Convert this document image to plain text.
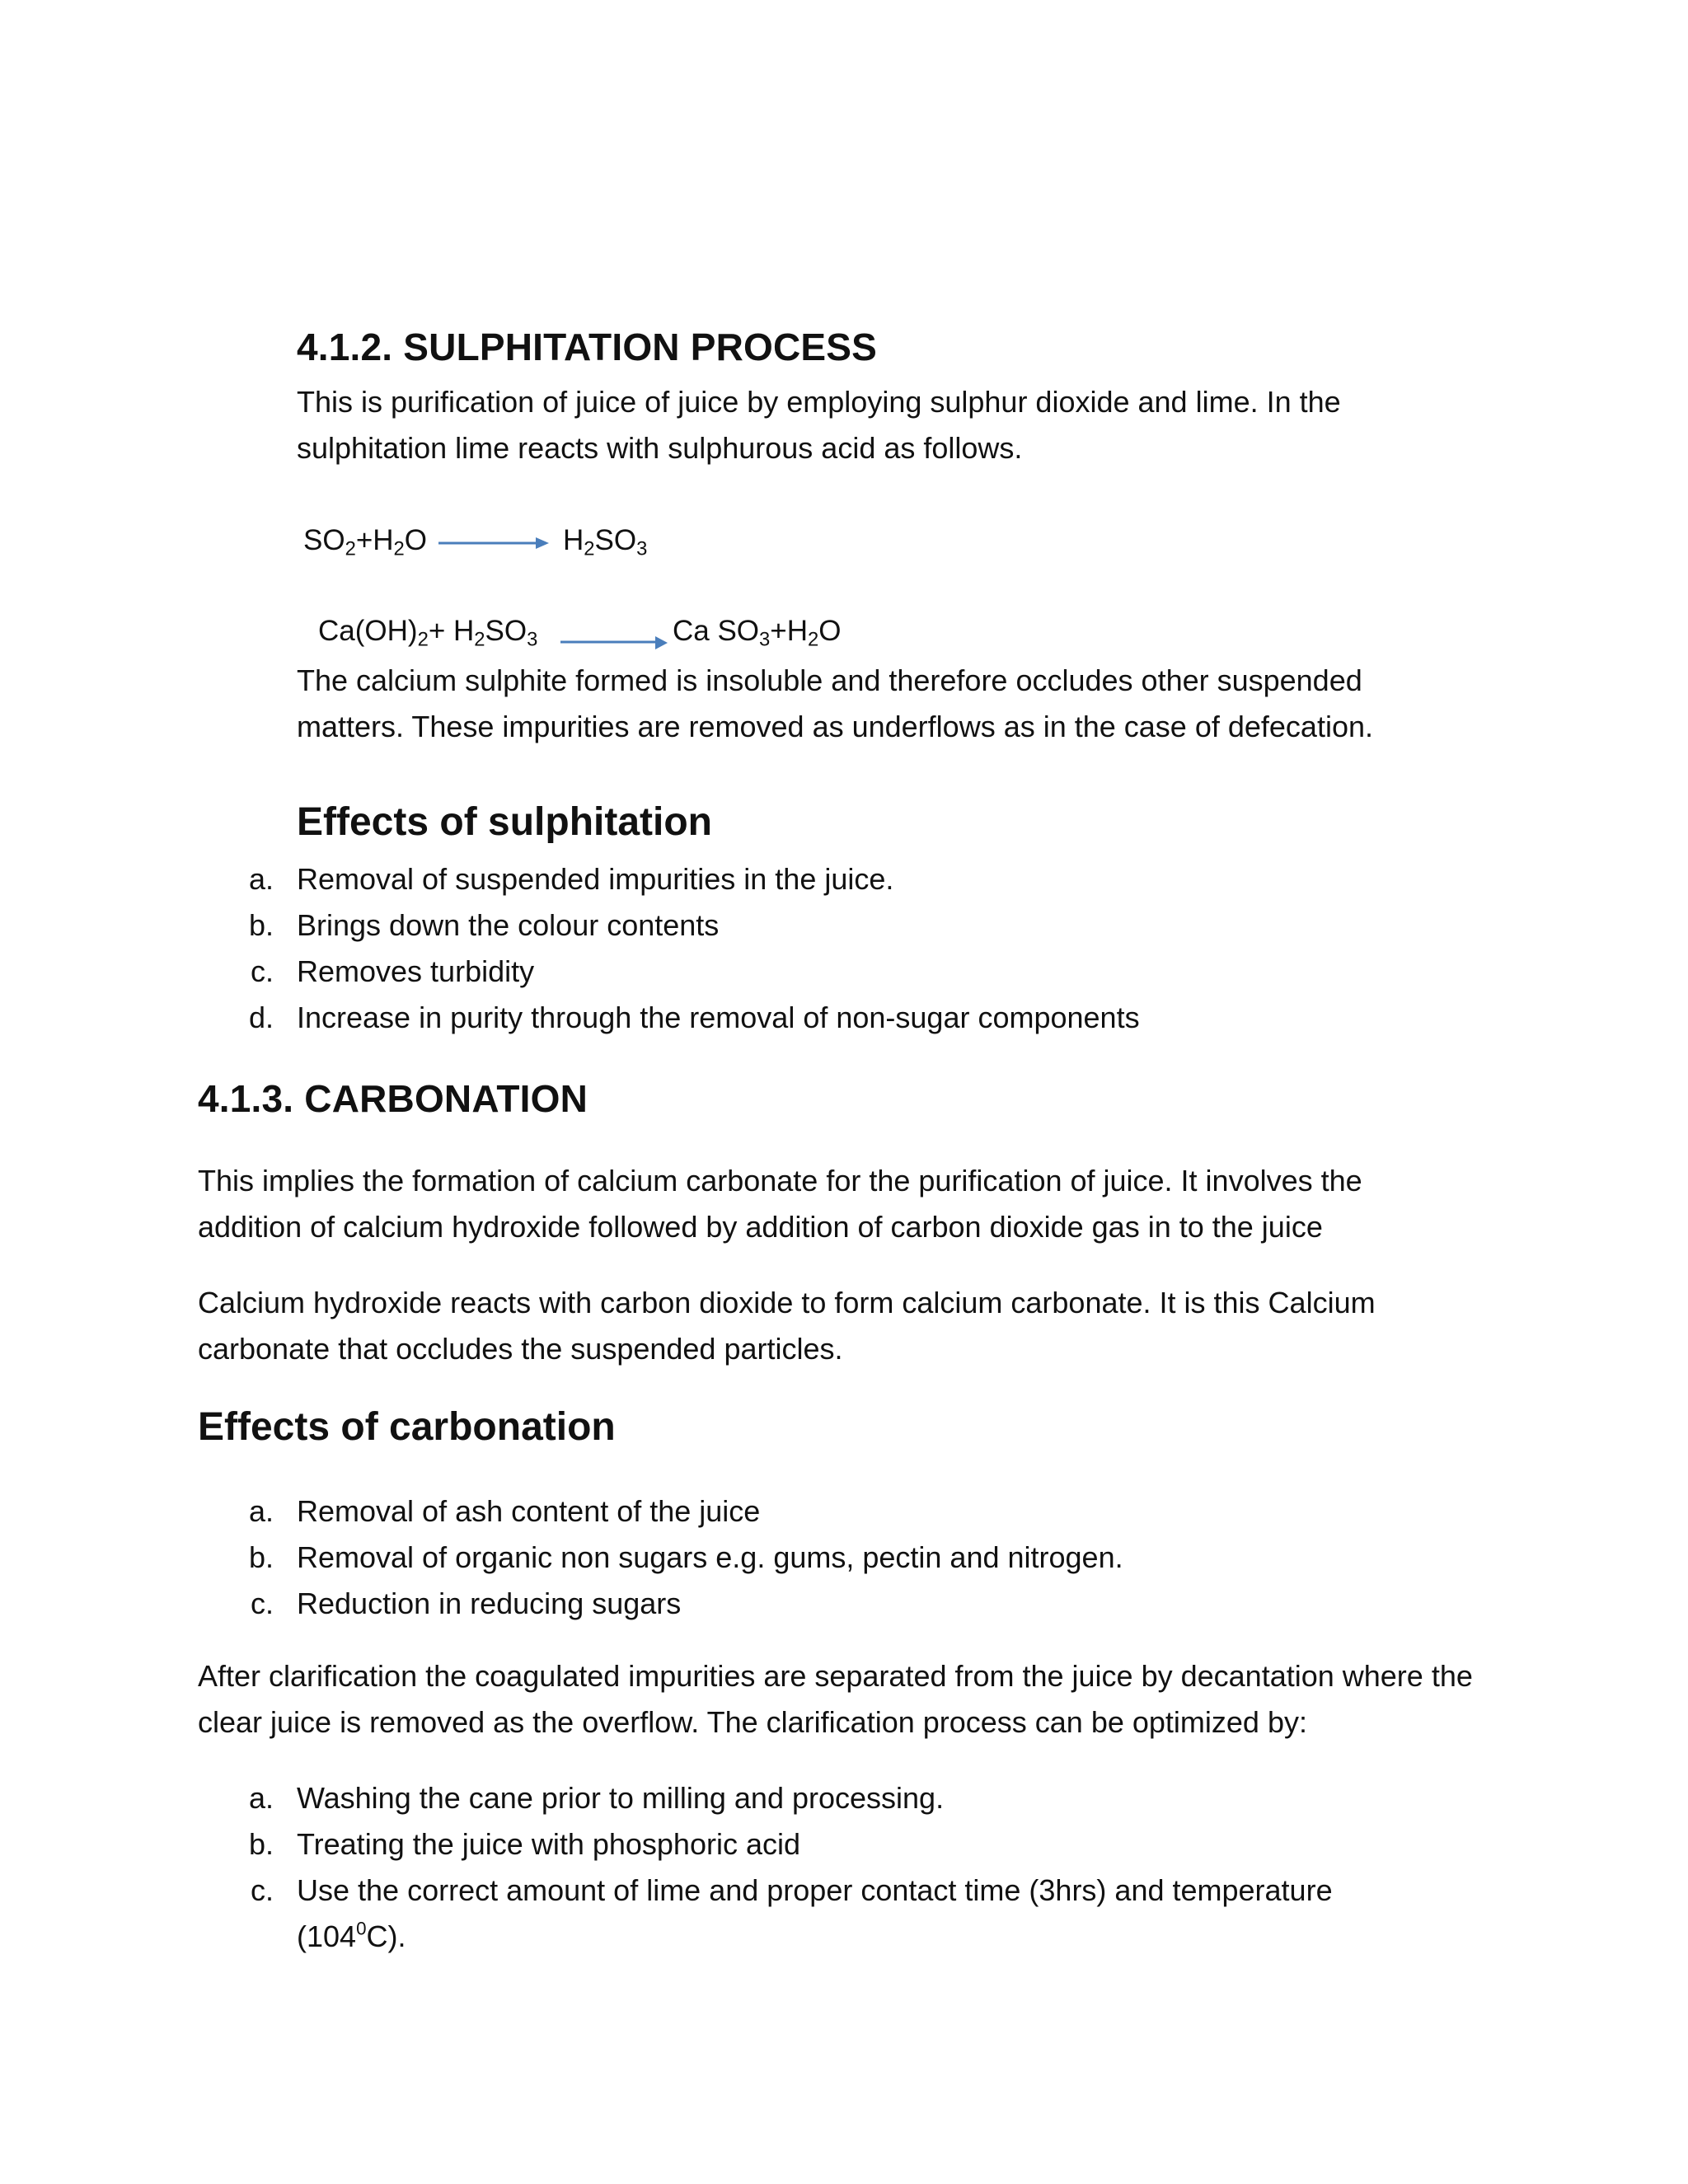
4.1.2. SULPHITATION PROCESS
This is purification of juice of juice by employing sulphur dioxide and lime. In the sulphitation lime reacts with sulphurous acid as follows.
$SO_2+H_2O$	$H_2SO_3$
$Ca(OH)_2+ H_2SO_3$	Ca $SO_3+H_2O$
The calcium sulphite formed is insoluble and therefore occludes other suspended matters. These impurities are removed as underflows as in the case of defecation.
Effects of sulphitation
a. Removal of suspended impurities in the juice.
b. Brings down the colour contents
c. Removes turbidity
d. Increase in purity through the removal of non-sugar components
4.1.3. CARBONATION
This implies the formation of calcium carbonate for the purification of juice. It involves the addition of calcium hydroxide followed by addition of carbon dioxide gas in to the juice
Calcium hydroxide reacts with carbon dioxide to form calcium carbonate. It is this Calcium carbonate that occludes the suspended particles.
Effects of carbonation
a. Removal of ash content of the juice
b. Removal of organic non sugars e.g. gums, pectin and nitrogen.
c. Reduction in reducing sugars
After clarification the coagulated impurities are separated from the juice by decantation where the clear juice is removed as the overflow. The clarification process can be optimized by:
a. Washing the cane prior to milling and processing.
b. Treating the juice with phosphoric acid
c. Use the correct amount of lime and proper contact time (3hrs) and temperature
$(104^0C)$.
